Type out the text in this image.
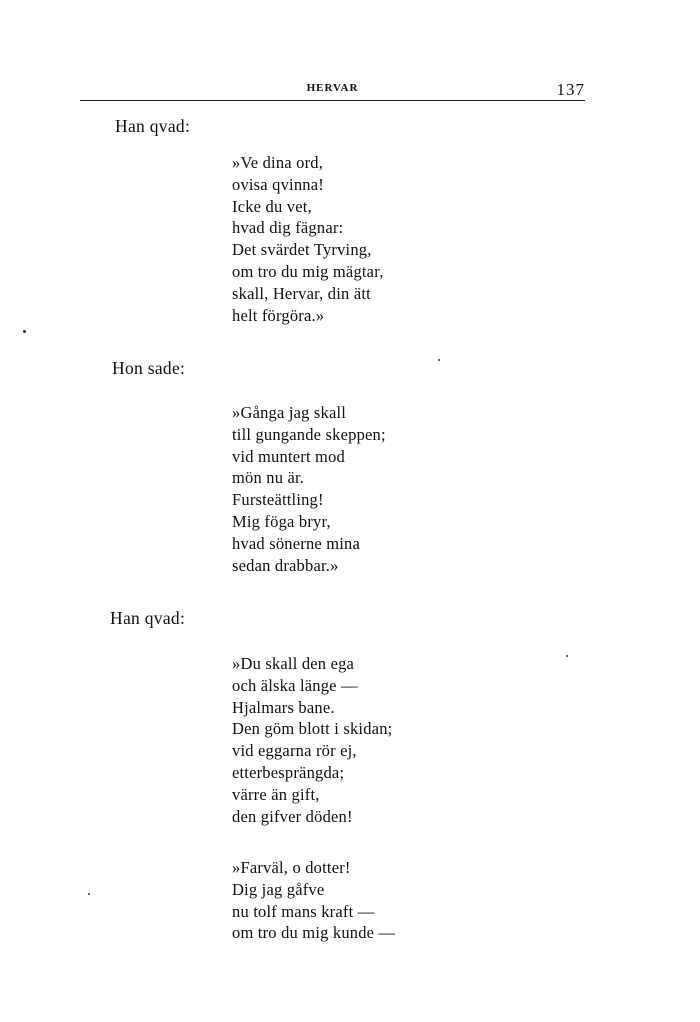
HERVAR	137
Han qvad:
»Ve dina ord,
ovisa qvinna!
Icke du vet,
hvad dig fägnar:
Det svärdet Tyrving,
om tro du mig mägtar,
skall, Hervar, din ätt
helt förgöra.»
Hon sade:
»Gånga jag skall
till gungande skeppen;
vid muntert mod
mön nu är.
Fursteättling!
Mig föga bryr,
hvad sönerne mina
sedan drabbar.»
Han qvad:
»Du skall den ega
och älska länge —
Hjalmars bane.
Den göm blott i skidan;
vid eggarna rör ej,
etterbesprängda;
värre än gift,
den gifver döden!
»Farväl, o dotter!
Dig jag gåfve
nu tolf mans kraft —
om tro du mig kunde —
